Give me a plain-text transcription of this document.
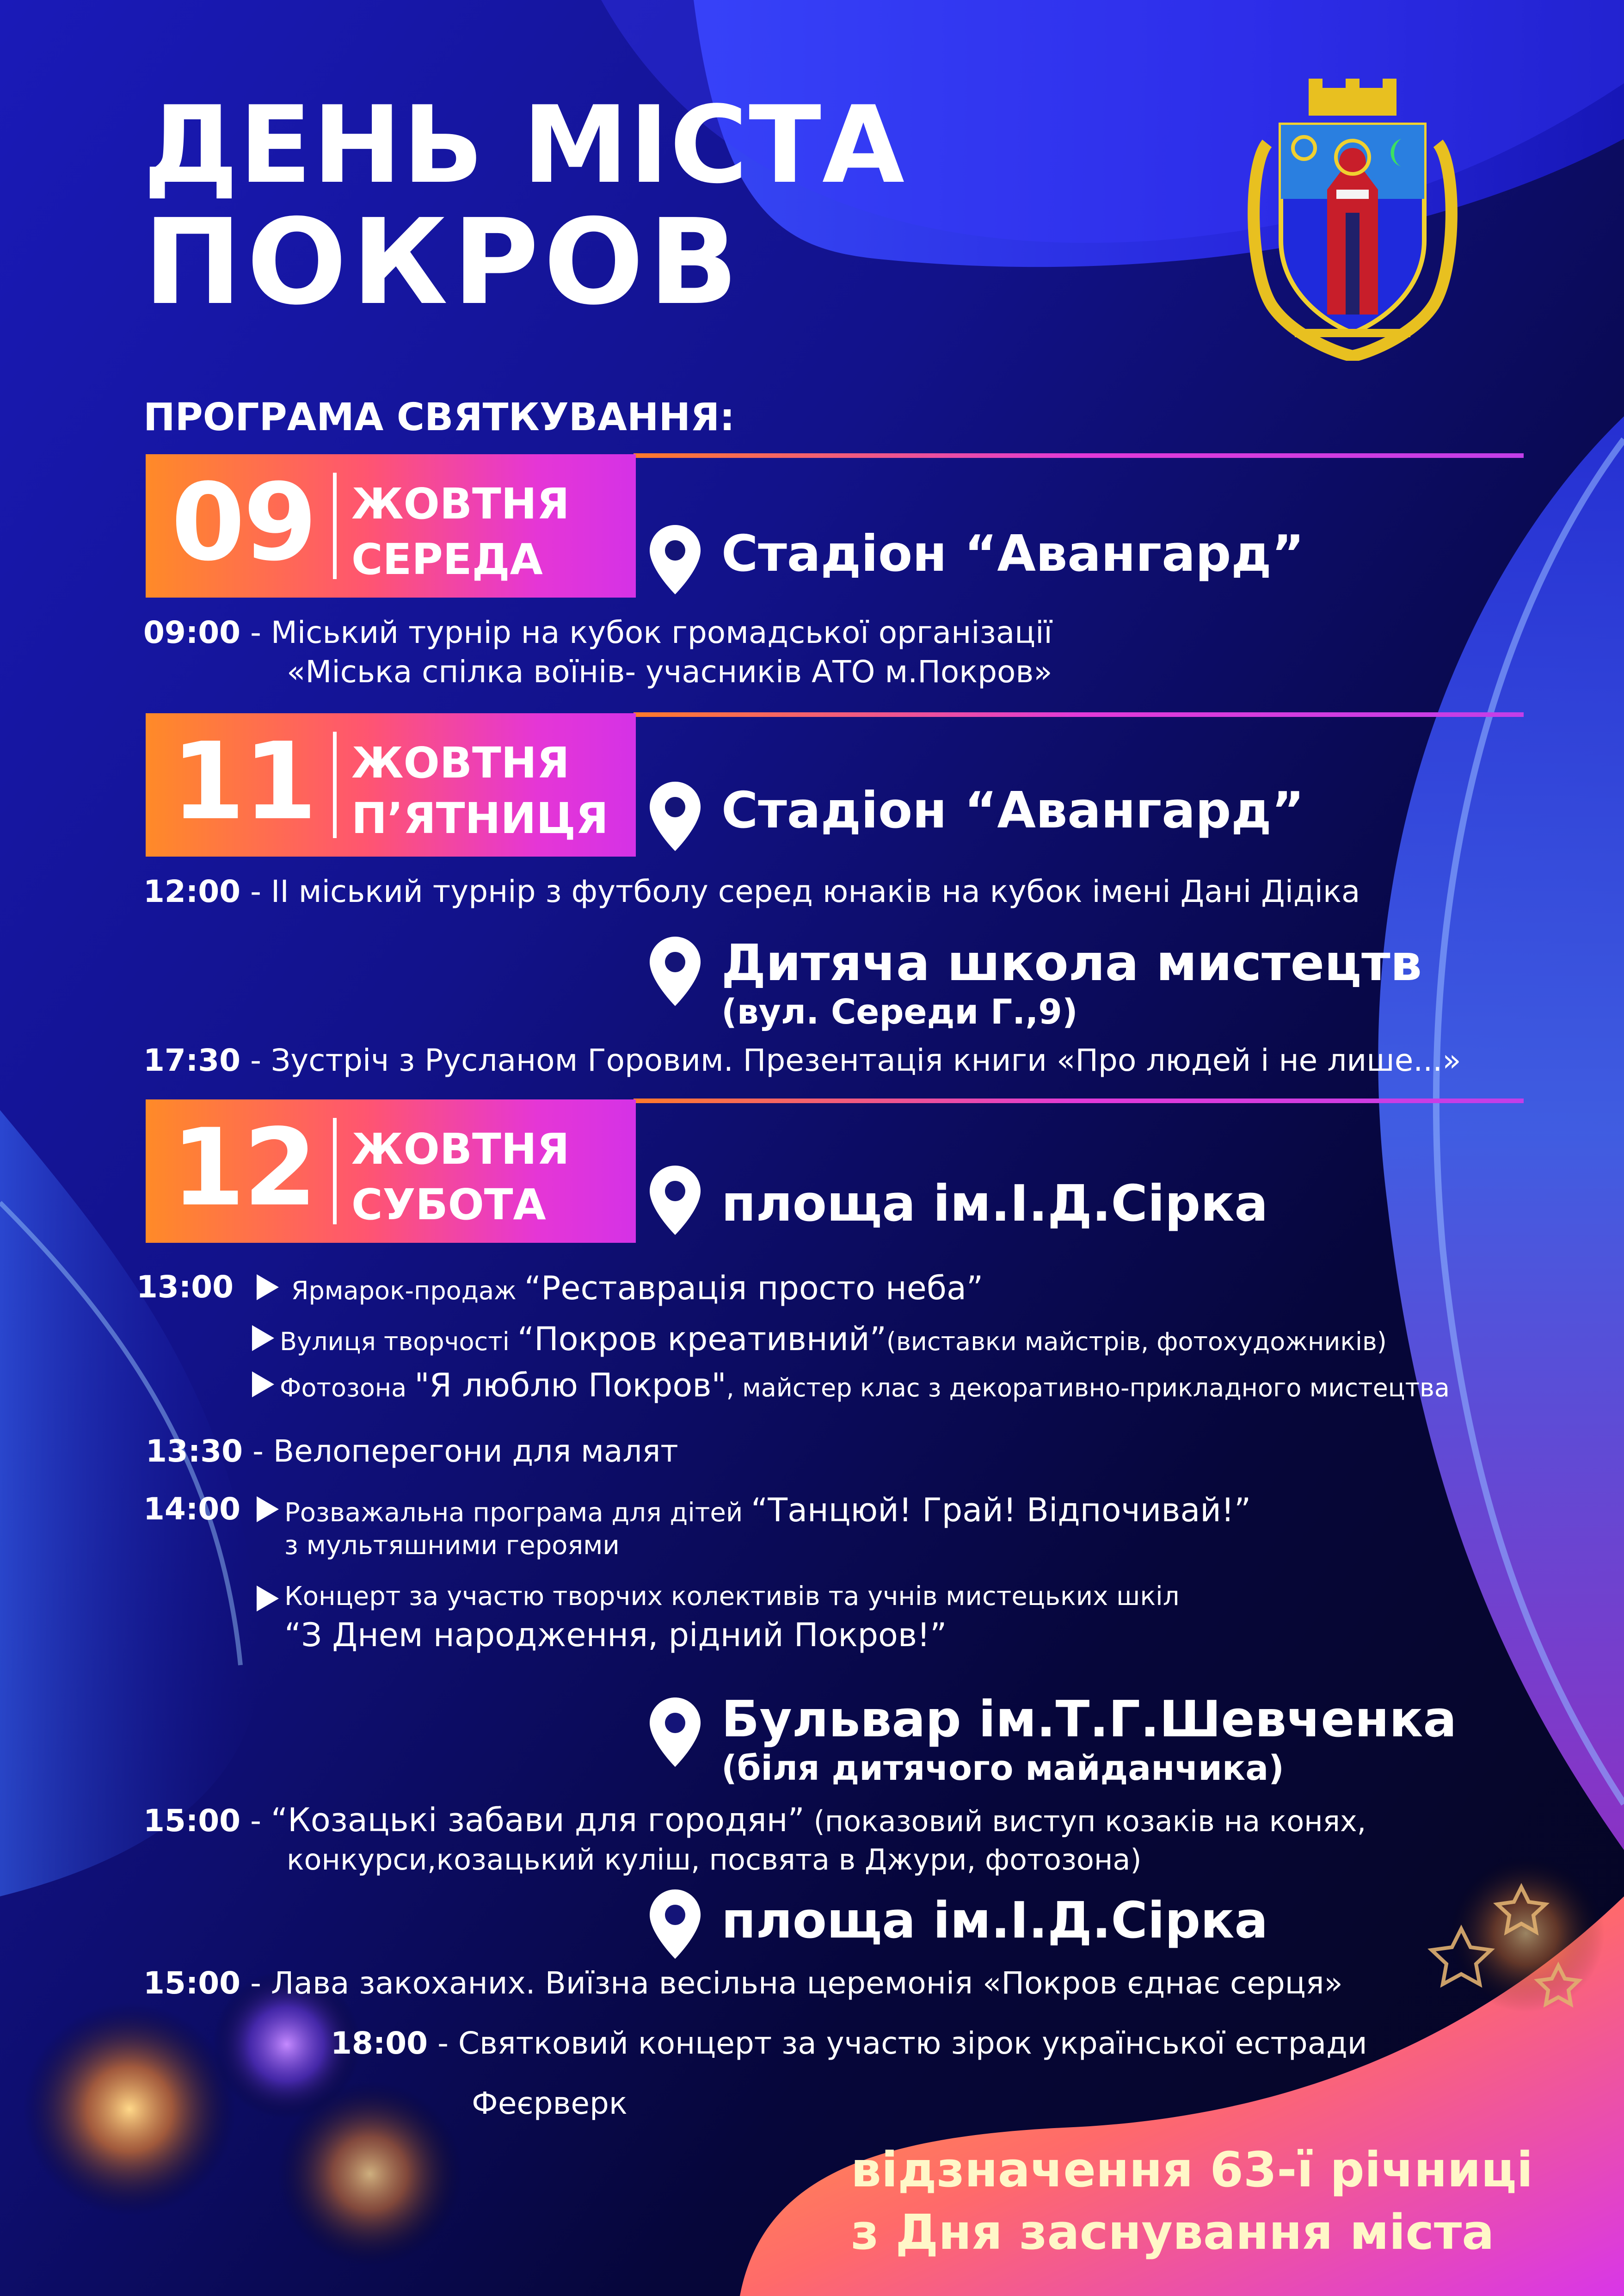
ДЕНЬ МІСТА
ПОКРОВ
ПРОГРАМА СВЯТКУВАННЯ:
09 ЖОВТНЯ
СЕРЕДА	Стадіон “Авангард”
09:00 - Міський турнір на кубок громадської організації
«Міська спілка воїнів- учасників АТО м.Покров»
11 ЖОВТНЯ
П’ЯТНИЦЯ Стадіон “Авангард”
12:00 - ІІ міський турнір з футболу серед юнаків на кубок імені Дані Дідіка
Дитяча школа мистецтв
(вул. Середи Г.,9)
17:30 - Зустріч з Русланом Горовим. Презентація книги «Про людей і не лише...»
12 ЖОВТНЯ
СУБОТА	площа ім.І.Д.Сірка
13:00 Ярмарок-продаж “Реставрація просто неба”
Вулиця творчості “Покров креативний”(виставки майстрів, фотохудожників)
Фотозона "Я люблю Покров", майстер клас з декоративно-прикладного мистецтва
13:30 - Велоперегони для малят
14:00 Розважальна програма для дітей “Танцюй! Грай! Відпочивай!”
з мультяшними героями
Концерт за участю творчих колективів та учнів мистецьких шкіл
“З Днем народження, рідний Покров!”
Бульвар ім.Т.Г.Шевченка
(біля дитячого майданчика)
15:00 - “Козацькі забави для городян” (показовий виступ козаків на конях,
конкурси,козацький куліш, посвята в Джури, фотозона)
площа ім.І.Д.Сірка
15:00 - Лава закоханих. Виїзна весільна церемонія «Покров єднає серця»
18:00 - Святковий концерт за участю зірок української естради
Феєрверк
відзначення 63-ї річниці
з Дня заснування міста
